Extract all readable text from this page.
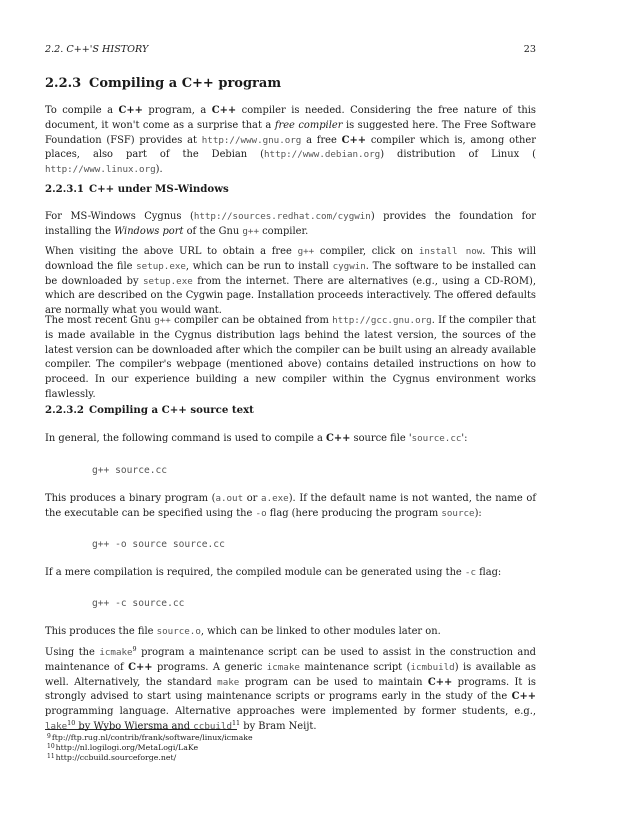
2.2. C++'S HISTORY	23
2.2.3 Compiling a C++ program

To compile a C++ program, a C++ compiler is needed. Considering the free nature of this document, it won't come as a surprise that a free compiler is suggested here. The Free Software Foundation (FSF) provides at http://www.gnu.org a free C++ compiler which is, among other places, also part of the Debian (http://www.debian.org) distribution of Linux ( http://www.linux.org).

2.2.3.1 C++ under MS-Windows

For MS-Windows Cygnus (http://sources.redhat.com/cygwin) provides the foundation for installing the Windows port of the Gnu g++ compiler.

When visiting the above URL to obtain a free g++ compiler, click on install now. This will download the file setup.exe, which can be run to install cygwin. The software to be installed can be downloaded by setup.exe from the internet. There are alternatives (e.g., using a CD-ROM), which are described on the Cygwin page. Installation proceeds interactively. The offered defaults are normally what you would want.

The most recent Gnu g++ compiler can be obtained from http://gcc.gnu.org. If the compiler that is made available in the Cygnus distribution lags behind the latest version, the sources of the latest version can be downloaded after which the compiler can be built using an already available compiler. The compiler's webpage (mentioned above) contains detailed instructions on how to proceed. In our experience building a new compiler within the Cygnus environment works flawlessly.

2.2.3.2 Compiling a C++ source text

In general, the following command is used to compile a C++ source file 'source.cc':

g++ source.cc

This produces a binary program (a.out or a.exe). If the default name is not wanted, the name of the executable can be specified using the -o flag (here producing the program source):

g++ -o source source.cc

If a mere compilation is required, the compiled module can be generated using the -c flag:

g++ -c source.cc

This produces the file source.o, which can be linked to other modules later on.

Using the icmake$^9$ program a maintenance script can be used to assist in the construction and maintenance of C++ programs. A generic icmake maintenance script (icmbuild) is available as well. Alternatively, the standard make program can be used to maintain C++ programs. It is strongly advised to start using maintenance scripts or programs early in the study of the C++ programming language. Alternative approaches were implemented by former students, e.g., lake$^{10}$ by Wybo Wiersma and ccbuild$^{11}$ by Bram Neijt.

$^9$ftp://ftp.rug.nl/contrib/frank/software/linux/icmake
$^{10}$http://nl.logilogi.org/MetaLogi/LaKe
$^{11}$http://ccbuild.sourceforge.net/
